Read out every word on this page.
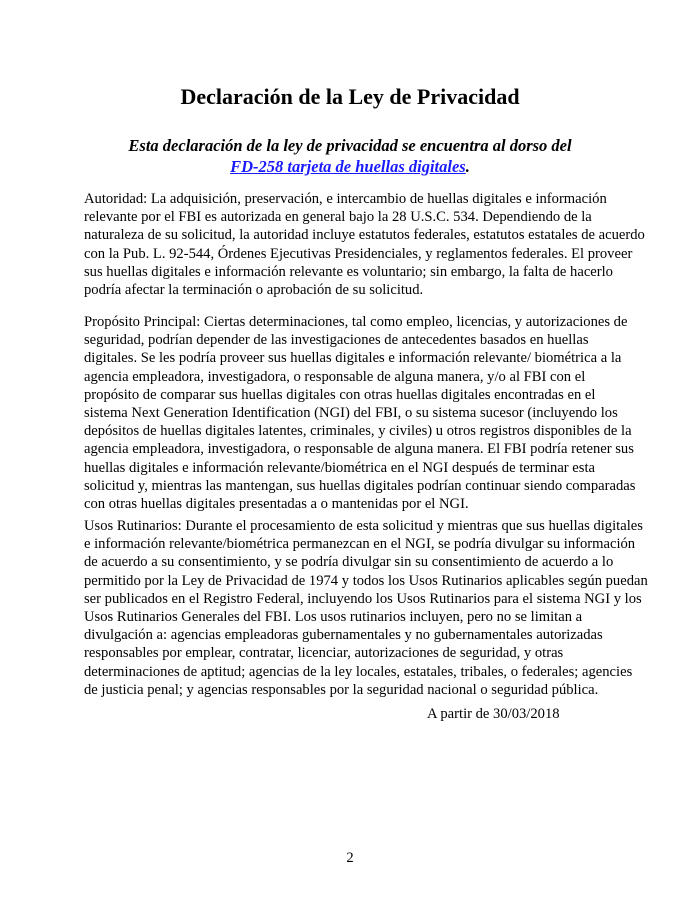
Declaración de la Ley de Privacidad
Esta declaración de la ley de privacidad se encuentra al dorso del
FD-258 tarjeta de huellas digitales.
Autoridad: La adquisición, preservación, e intercambio de huellas digitales e información
relevante por el FBI es autorizada en general bajo la 28 U.S.C. 534. Dependiendo de la
naturaleza de su solicitud, la autoridad incluye estatutos federales, estatutos estatales de acuerdo
con la Pub. L. 92-544, Órdenes Ejecutivas Presidenciales, y reglamentos federales. El proveer
sus huellas digitales e información relevante es voluntario; sin embargo, la falta de hacerlo
podría afectar la terminación o aprobación de su solicitud.
Propósito Principal: Ciertas determinaciones, tal como empleo, licencias, y autorizaciones de
seguridad, podrían depender de las investigaciones de antecedentes basados en huellas
digitales. Se les podría proveer sus huellas digitales e información relevante/ biométrica a la
agencia empleadora, investigadora, o responsable de alguna manera, y/o al FBI con el
propósito de comparar sus huellas digitales con otras huellas digitales encontradas en el
sistema Next Generation Identification (NGI) del FBI, o su sistema sucesor (incluyendo los
depósitos de huellas digitales latentes, criminales, y civiles) u otros registros disponibles de la
agencia empleadora, investigadora, o responsable de alguna manera. El FBI podría retener sus
huellas digitales e información relevante/biométrica en el NGI después de terminar esta
solicitud y, mientras las mantengan, sus huellas digitales podrían continuar siendo comparadas
con otras huellas digitales presentadas a o mantenidas por el NGI.
Usos Rutinarios: Durante el procesamiento de esta solicitud y mientras que sus huellas digitales
e información relevante/biométrica permanezcan en el NGI, se podría divulgar su información
de acuerdo a su consentimiento, y se podría divulgar sin su consentimiento de acuerdo a lo
permitido por la Ley de Privacidad de 1974 y todos los Usos Rutinarios aplicables según puedan
ser publicados en el Registro Federal, incluyendo los Usos Rutinarios para el sistema NGI y los
Usos Rutinarios Generales del FBI. Los usos rutinarios incluyen, pero no se limitan a
divulgación a: agencias empleadoras gubernamentales y no gubernamentales autorizadas
responsables por emplear, contratar, licenciar, autorizaciones de seguridad, y otras
determinaciones de aptitud; agencias de la ley locales, estatales, tribales, o federales; agencies
de justicia penal; y agencias responsables por la seguridad nacional o seguridad pública.

A partir de 30/03/2018

2
